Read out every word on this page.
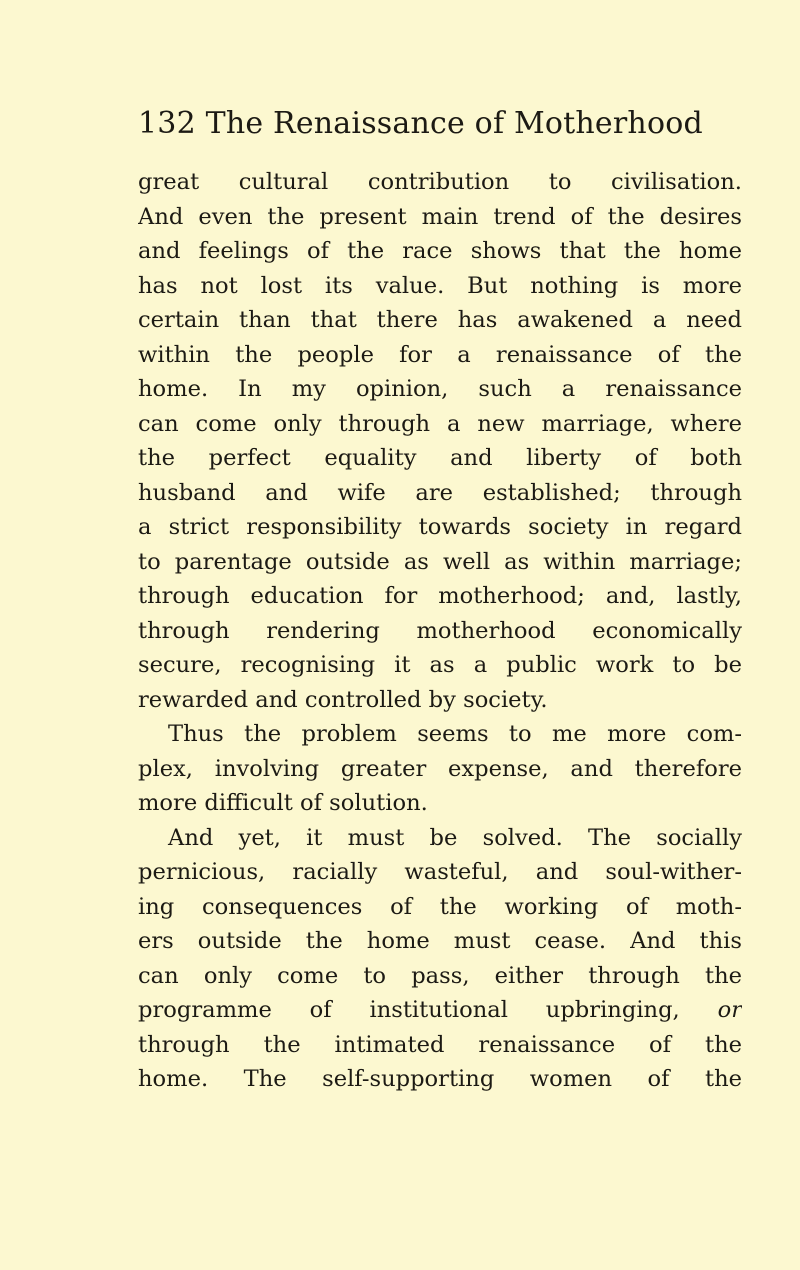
132 The Renaissance of Motherhood
great cultural contribution to civilisation.
And even the present main trend of the desires
and feelings of the race shows that the home
has not lost its value. But nothing is more
certain than that there has awakened a need
within the people for a renaissance of the
home. In my opinion, such a renaissance
can come only through a new marriage, where
the perfect equality and liberty of both
husband and wife are established; through
a strict responsibility towards society in regard
to parentage outside as well as within marriage;
through education for motherhood; and, lastly,
through rendering motherhood economically
secure, recognising it as a public work to be
rewarded and controlled by society.
Thus the problem seems to me more com-
plex, involving greater expense, and therefore
more difficult of solution.
And yet, it must be solved. The socially
pernicious, racially wasteful, and soul-wither-
ing consequences of the working of moth-
ers outside the home must cease. And this
can only come to pass, either through the
programme of institutional upbringing, or
through the intimated renaissance of the
home. The self-supporting women of the
